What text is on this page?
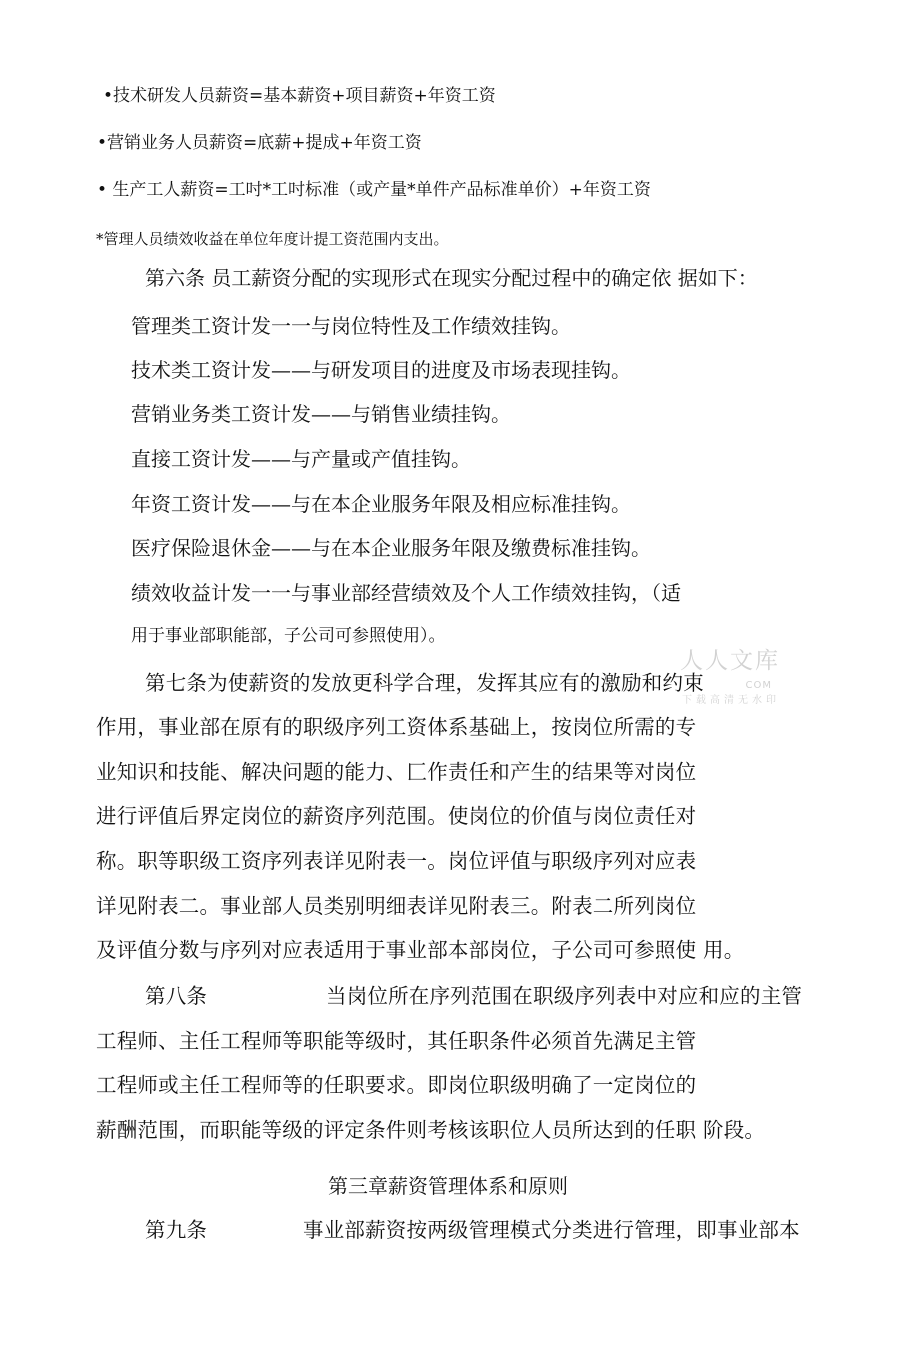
•技术研发人员薪资=基本薪资+项目薪资+年资工资

•营销业务人员薪资=底薪+提成+年资工资

• 生产工人薪资=工吋*工吋标准（或产量*单件产品标准单价）+年资工资

*管理人员绩效收益在单位年度计提工资范围内支出。

第六条 员工薪资分配的实现形式在现实分配过程中的确定依 据如下：

管理类工资计发一一与岗位特性及工作绩效挂钩。

技术类工资计发——与研发项目的进度及市场表现挂钩。

营销业务类工资计发——与销售业绩挂钩。

直接工资计发——与产量或产值挂钩。

年资工资计发——与在本企业服务年限及相应标准挂钩。

医疗保险退休金——与在本企业服务年限及缴费标准挂钩。

绩效收益计发一一与事业部经营绩效及个人工作绩效挂钩，（适

用于事业部职能部，子公司可参照使用）。

人人文库
COM
下载高清无水印

第七条为使薪资的发放更科学合理，发挥其应有的激励和约束

作用，事业部在原有的职级序列工资体系基础上，按岗位所需的专

业知识和技能、解决问题的能力、匚作责任和产生的结果等对岗位

进行评值后界定岗位的薪资序列范围。使岗位的价值与岗位责任对

称。职等职级工资序列表详见附表一。岗位评值与职级序列对应表

详见附表二。事业部人员类别明细表详见附表三。附表二所列岗位

及评值分数与序列对应表适用于事业部本部岗位，子公司可参照使 用。

第八条	当岗位所在序列范围在职级序列表中对应和应的主管

工程师、主任工程师等职能等级时，其任职条件必须首先满足主管

工程师或主任工程师等的任职要求。即岗位职级明确了一定岗位的

薪酬范围，而职能等级的评定条件则考核该职位人员所达到的任职 阶段。

第三章薪资管理体系和原则

第九条	事业部薪资按两级管理模式分类进行管理，即事业部本
